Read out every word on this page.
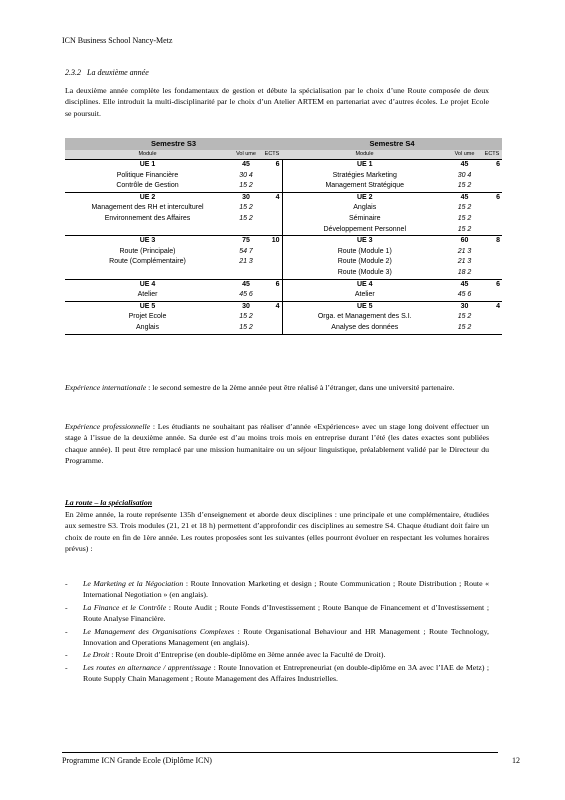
ICN Business School Nancy-Metz
2.3.2 La deuxième année
La deuxième année complète les fondamentaux de gestion et débute la spécialisation par le choix d’une Route composée de deux disciplines. Elle introduit la multi-disciplinarité par le choix d’un Atelier ARTEM en partenariat avec d’autres écoles. Le projet Ecole se poursuit.
Semestre S3			Semestre S4		
Module	Vol ume	ECTS	Module	Vol ume	ECTS
UE 1	45	6	UE 1	45	6
Politique Financière	30 4		Stratégies Marketing	30 4	
Contrôle de Gestion	15 2		Management Stratégique	15 2	
UE 2	30	4	UE 2	45	6
Management des RH et interculturel	15 2		Anglais	15 2	
Environnement des Affaires	15 2		Séminaire	15 2	
			Développement Personnel	15 2	
UE 3	75	10	UE 3	60	8
Route (Principale)	54 7		Route (Module 1)	21 3	
Route (Complémentaire)	21 3		Route (Module 2)	21 3	
			Route (Module 3)	18 2	
UE 4	45	6	UE 4	45	6
Atelier	45 6		Atelier	45 6	
UE 5	30	4	UE 5	30	4
Projet Ecole	15 2		Orga. et Management des S.I.	15 2	
Anglais	15 2		Analyse des données	15 2	
Expérience internationale : le second semestre de la 2ème année peut être réalisé à l’étranger, dans une université partenaire.
Expérience professionnelle : Les étudiants ne souhaitant pas réaliser d’année «Expériences» avec un stage long doivent effectuer un stage à l’issue de la deuxième année. Sa durée est d’au moins trois mois en entreprise durant l’été (les dates exactes sont publiées chaque année). Il peut être remplacé par une mission humanitaire ou un séjour linguistique, préalablement validé par le Directeur du Programme.
La route – la spécialisation
En 2ème année, la route représente 135h d’enseignement et aborde deux disciplines : une principale et une complémentaire, étudiées aux semestre S3. Trois modules (21, 21 et 18 h) permettent d’approfondir ces disciplines au semestre S4. Chaque étudiant doit faire un choix de route en fin de 1ère année. Les routes proposées sont les suivantes (elles pourront évoluer en respectant les volumes horaires prévus) :
- Le Marketing et la Négociation : Route Innovation Marketing et design ; Route Communication ; Route Distribution ; Route « International Negotiation » (en anglais).
- La Finance et le Contrôle : Route Audit ; Route Fonds d’Investissement ; Route Banque de Financement et d’Investissement ; Route Analyse Financière.
- Le Management des Organisations Complexes : Route Organisational Behaviour and HR Management ; Route Technology, Innovation and Operations Management (en anglais).
- Le Droit : Route Droit d’Entreprise (en double-diplôme en 3ème année avec la Faculté de Droit).
- Les routes en alternance / apprentissage : Route Innovation et Entrepreneuriat (en double-diplôme en 3A avec l’IAE de Metz) ; Route Supply Chain Management ; Route Management des Affaires Industrielles.
Programme ICN Grande Ecole (Diplôme ICN)	12
